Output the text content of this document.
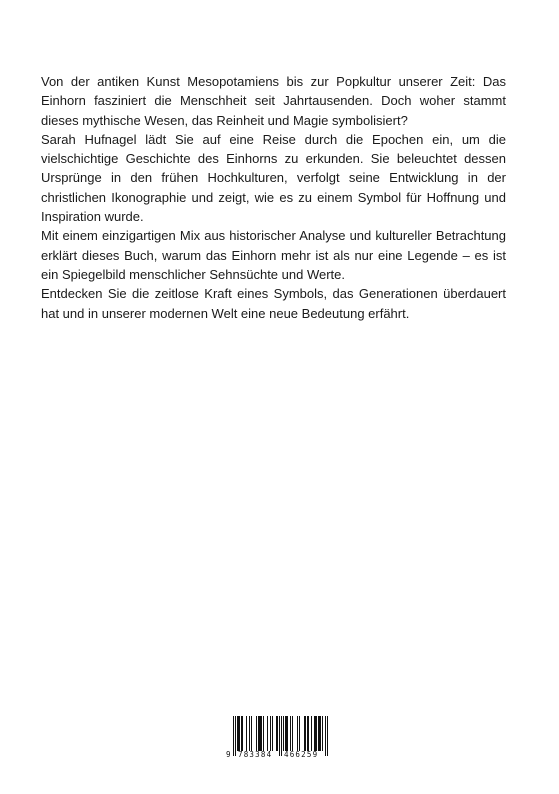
Von der antiken Kunst Mesopotamiens bis zur Popkultur unserer Zeit: Das Einhorn fasziniert die Menschheit seit Jahrtausenden. Doch woher stammt dieses mythische Wesen, das Reinheit und Magie symbolisiert?

Sarah Hufnagel lädt Sie auf eine Reise durch die Epochen ein, um die vielschichtige Geschichte des Einhorns zu erkunden. Sie beleuchtet dessen Ursprünge in den frühen Hochkulturen, verfolgt seine Entwicklung in der christlichen Ikonographie und zeigt, wie es zu einem Symbol für Hoffnung und Inspiration wurde.

Mit einem einzigartigen Mix aus historischer Analyse und kultureller Betrachtung erklärt dieses Buch, warum das Einhorn mehr ist als nur eine Legende – es ist ein Spiegelbild menschlicher Sehnsüchte und Werte.

Entdecken Sie die zeitlose Kraft eines Symbols, das Generationen überdauert hat und in unserer modernen Welt eine neue Bedeutung erfährt.

9 783384 466259
